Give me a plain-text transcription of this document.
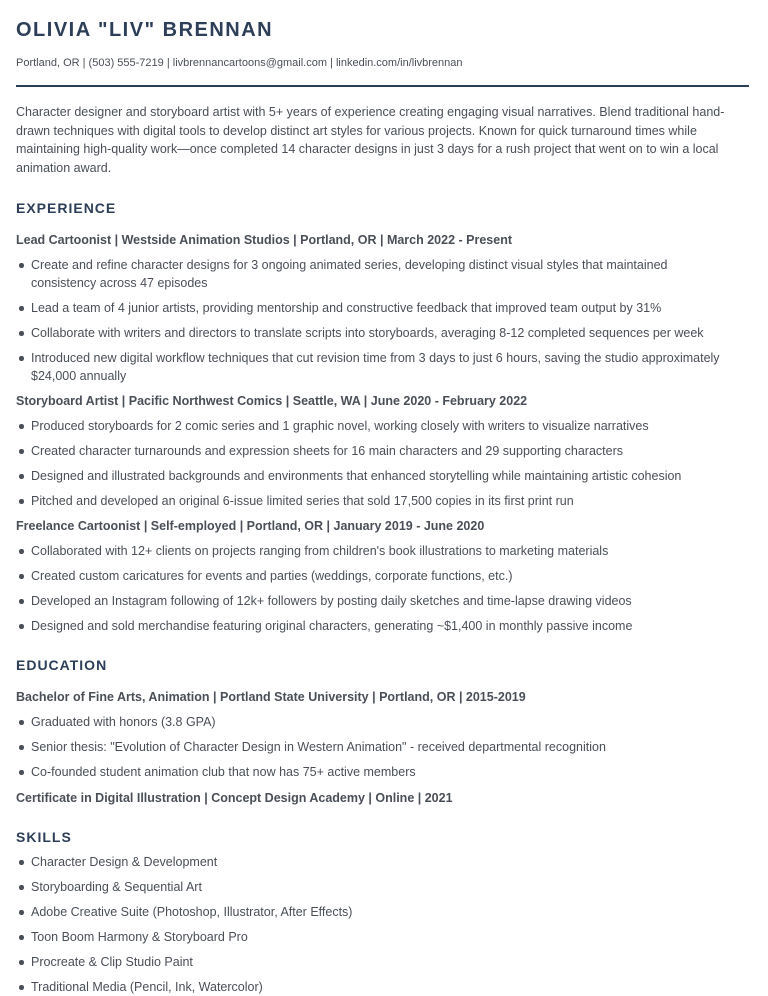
OLIVIA "LIV" BRENNAN
Portland, OR | (503) 555-7219 | livbrennancartoons@gmail.com | linkedin.com/in/livbrennan
Character designer and storyboard artist with 5+ years of experience creating engaging visual narratives. Blend traditional hand-drawn techniques with digital tools to develop distinct art styles for various projects. Known for quick turnaround times while maintaining high-quality work—once completed 14 character designs in just 3 days for a rush project that went on to win a local animation award.
EXPERIENCE
Lead Cartoonist | Westside Animation Studios | Portland, OR | March 2022 - Present
Create and refine character designs for 3 ongoing animated series, developing distinct visual styles that maintained consistency across 47 episodes
Lead a team of 4 junior artists, providing mentorship and constructive feedback that improved team output by 31%
Collaborate with writers and directors to translate scripts into storyboards, averaging 8-12 completed sequences per week
Introduced new digital workflow techniques that cut revision time from 3 days to just 6 hours, saving the studio approximately $24,000 annually
Storyboard Artist | Pacific Northwest Comics | Seattle, WA | June 2020 - February 2022
Produced storyboards for 2 comic series and 1 graphic novel, working closely with writers to visualize narratives
Created character turnarounds and expression sheets for 16 main characters and 29 supporting characters
Designed and illustrated backgrounds and environments that enhanced storytelling while maintaining artistic cohesion
Pitched and developed an original 6-issue limited series that sold 17,500 copies in its first print run
Freelance Cartoonist | Self-employed | Portland, OR | January 2019 - June 2020
Collaborated with 12+ clients on projects ranging from children's book illustrations to marketing materials
Created custom caricatures for events and parties (weddings, corporate functions, etc.)
Developed an Instagram following of 12k+ followers by posting daily sketches and time-lapse drawing videos
Designed and sold merchandise featuring original characters, generating ~$1,400 in monthly passive income
EDUCATION
Bachelor of Fine Arts, Animation | Portland State University | Portland, OR | 2015-2019
Graduated with honors (3.8 GPA)
Senior thesis: "Evolution of Character Design in Western Animation" - received departmental recognition
Co-founded student animation club that now has 75+ active members
Certificate in Digital Illustration | Concept Design Academy | Online | 2021
SKILLS
Character Design & Development
Storyboarding & Sequential Art
Adobe Creative Suite (Photoshop, Illustrator, After Effects)
Toon Boom Harmony & Storyboard Pro
Procreate & Clip Studio Paint
Traditional Media (Pencil, Ink, Watercolor)
